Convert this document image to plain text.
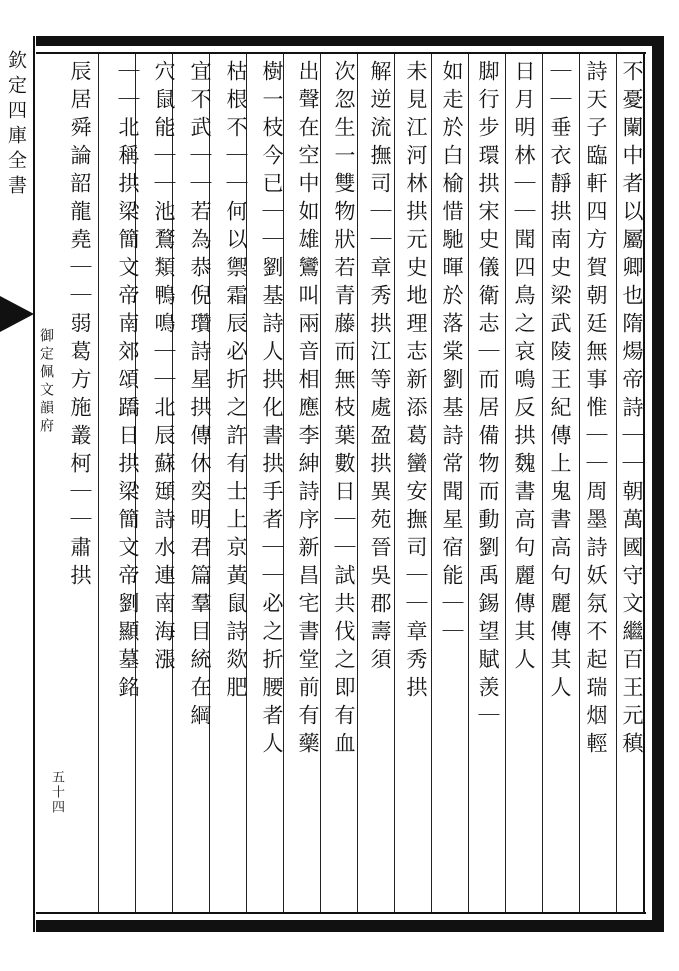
不憂闌中者以屬卿也隋煬帝詩｜｜朝萬國守文繼百王元稹
詩天子臨軒四方賀朝廷無事惟｜｜周墨詩妖氛不起瑞烟輕
｜｜垂衣靜拱南史梁武陵王紀傳上鬼書高句麗傳其人
日月明林｜｜聞四鳥之哀鳴反拱魏書高句麗傳其人
脚行步環拱宋史儀衛志｜而居備物而動劉禹錫望賦羡｜
如走於白榆惜馳暉於落棠劉基詩常聞星宿能｜｜
未見江河林拱元史地理志新添葛蠻安撫司｜｜章秀拱
解逆流撫司｜｜章秀拱江等處盈拱異苑晉吳郡壽須
次忽生一雙物狀若青藤而無枝葉數日｜｜試共伐之即有血
出聲在空中如雄鸞叫兩音相應李紳詩序新昌宅書堂前有藥
樹一枝今已｜｜劉基詩人拱化書拱手者｜｜必之折腰者人
枯根不｜｜何以禦霜辰必折之許有士上京黃鼠詩欻肥
宜不武｜｜若為恭倪瓚詩星拱傳休奕明君篇羣目統在綱
穴鼠能｜｜池鶩類鴨鳴｜｜北辰蘇頲詩水連南海漲
｜｜北稱拱梁簡文帝南郊頌蹻日拱梁簡文帝劉顯墓銘
辰居舜論韶龍堯｜｜弱葛方施叢柯｜｜肅拱
欽定四庫全書
御定佩文韻府
五十四
